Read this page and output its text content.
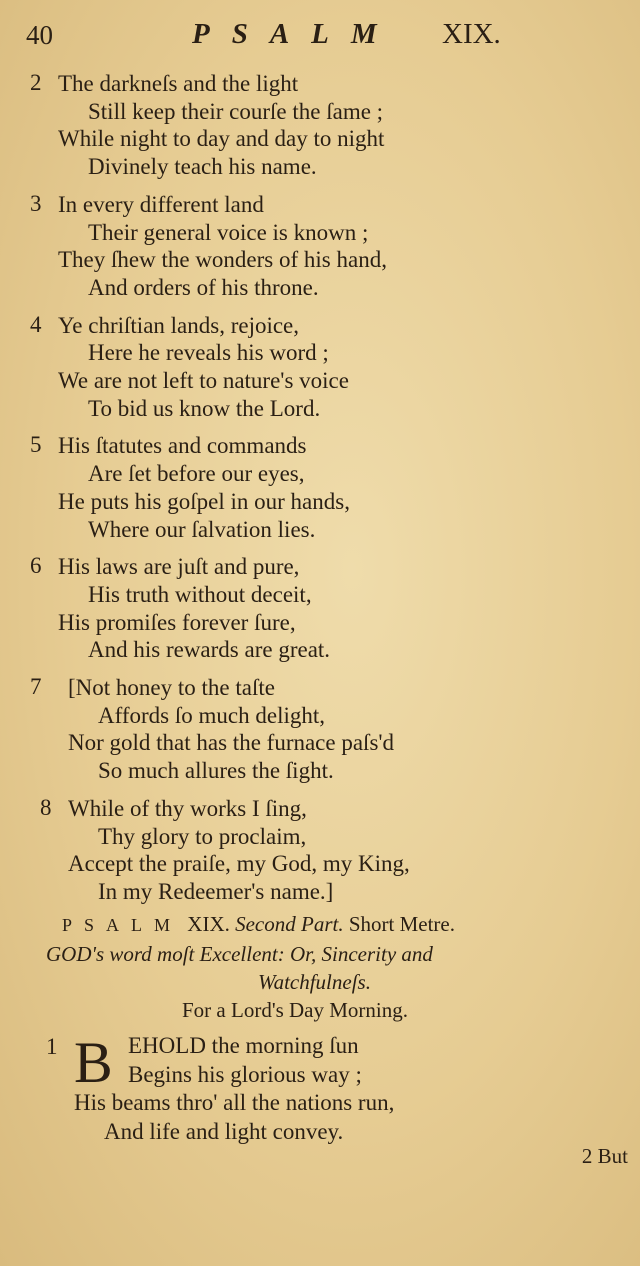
40	PSALM XIX.
2 The darkneſs and the light
Still keep their courſe the ſame ;
While night to day and day to night
Divinely teach his name.
3 In every different land
Their general voice is known ;
They ſhew the wonders of his hand,
And orders of his throne.
4 Ye chriſtian lands, rejoice,
Here he reveals his word ;
We are not left to nature's voice
To bid us know the Lord.
5 His ſtatutes and commands
Are ſet before our eyes,
He puts his goſpel in our hands,
Where our ſalvation lies.
6 His laws are juſt and pure,
His truth without deceit,
His promiſes forever ſure,
And his rewards are great.
7	[Not honey to the taſte
Affords ſo much delight,
Nor gold that has the furnace paſs'd
So much allures the ſight.
8 While of thy works I ſing,
Thy glory to proclaim,
Accept the praiſe, my God, my King,
In my Redeemer's name.]
PSALM XIX. Second Part. Short Metre.
GOD's word moſt Excellent: Or, Sincerity and
Watchfulneſs.
For a Lord's Day Morning.
1 B EHOLD the morning ſun
Begins his glorious way ;
His beams thro' all the nations run,
And life and light convey.
2 But
